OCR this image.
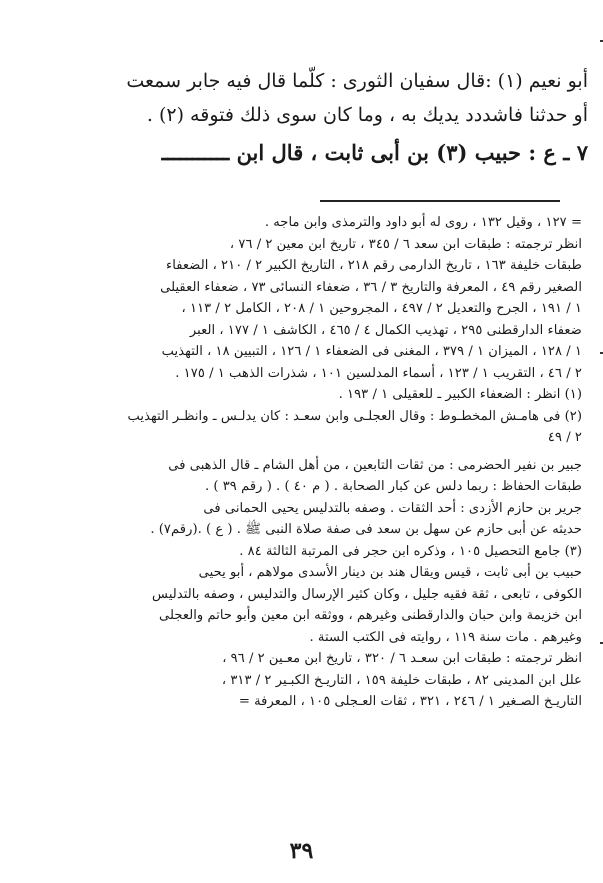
أبو نعيم (١) :قال سفيان الثورى : كلّما قال فيه جابر سمعت
أو حدثنا فاشددد يديك به ، وما كان سوى ذلك فتوقه (٢) .
٧ ـ ع : حبيب (٣) بن أبى ثابت ، قال ابن ـــــــــــ
= ١٢٧ ، وقيل ١٣٢ ، روى له أبو داود والترمذى وابن ماجه .
انظر ترجمته : طبقات ابن سعد ٦ / ٣٤٥ ، تاريخ ابن معين ٢ / ٧٦ ،
طبقات خليفة ١٦٣ ، تاريخ الدارمى رقم ٢١٨ ، التاريخ الكبير ٢ / ٢١٠ ، الضعفاء
الصغير رقم ٤٩ ، المعرفة والتاريخ ٣ / ٣٦ ، ضعفاء النسائى ٧٣ ، ضعفاء العقيلى
١ / ١٩١ ، الجرح والتعديل ٢ / ٤٩٧ ، المجروحين ١ / ٢٠٨ ، الكامل ٢ / ١١٣ ،
ضعفاء الدارقطنى ٢٩٥ ، تهذيب الكمال ٤ / ٤٦٥ ، الكاشف ١ / ١٧٧ ، العبر
١ / ١٢٨ ، الميزان ١ / ٣٧٩ ، المغنى فى الضعفاء ١ / ١٢٦ ، التبيين ١٨ ، التهذيب
٢ / ٤٦ ، التقريب ١ / ١٢٣ ، أسماء المدلسين ١٠١ ، شذرات الذهب ١ / ١٧٥ .
(١) انظر : الضعفاء الكبير ـ للعقيلى ١ / ١٩٣ .
(٢) فى هامـش المخطـوط : وقال العجلـى وابن سعـد : كان يدلـس ـ وانظـر التهذيب
٢ / ٤٩
جبير بن نفير الحضرمى : من ثقات التابعين ، من أهل الشام ـ قال الذهبى فى
طبقات الحفاظ : ربما دلس عن كبار الصحابة . ( م ٤٠ ) . ( رقم ٣٩ ) .
جرير بن حازم الأزدى : أحد الثقات . وصفه بالتدليس يحيى الحمانى فى
حديثه عن أبى حازم عن سهل بن سعد فى صفة صلاة النبى ﷺ . ( ع ) .(رقم٧) .
(٣) جامع التحصيل ١٠٥ ، وذكره ابن حجر فى المرتبة الثالثة ٨٤ .
حبيب بن أبى ثابت ، قيس ويقال هند بن دينار الأسدى مولاهم ، أبو يحيى
الكوفى ، تابعى ، ثقة فقيه جليل ، وكان كثير الإرسال والتدليس ، وصفه بالتدليس
ابن خزيمة وابن حبان والدارقطنى وغيرهم ، ووثقه ابن معين وأبو حاتم والعجلى
وغيرهم . مات سنة ١١٩ ، روايته فى الكتب الستة .
انظر ترجمته : طبقات ابن سعـد ٦ / ٣٢٠ ، تاريخ ابن معـين ٢ / ٩٦ ،
علل ابن المدينى ٨٢ ، طبقات خليفة ١٥٩ ، التاريـخ الكبـير ٢ / ٣١٣ ،
التاريـخ الصـغير ١ / ٢٤٦ ، ٣٢١ ، ثقات العـجلى ١٠٥ ، المعرفة =
٣٩
